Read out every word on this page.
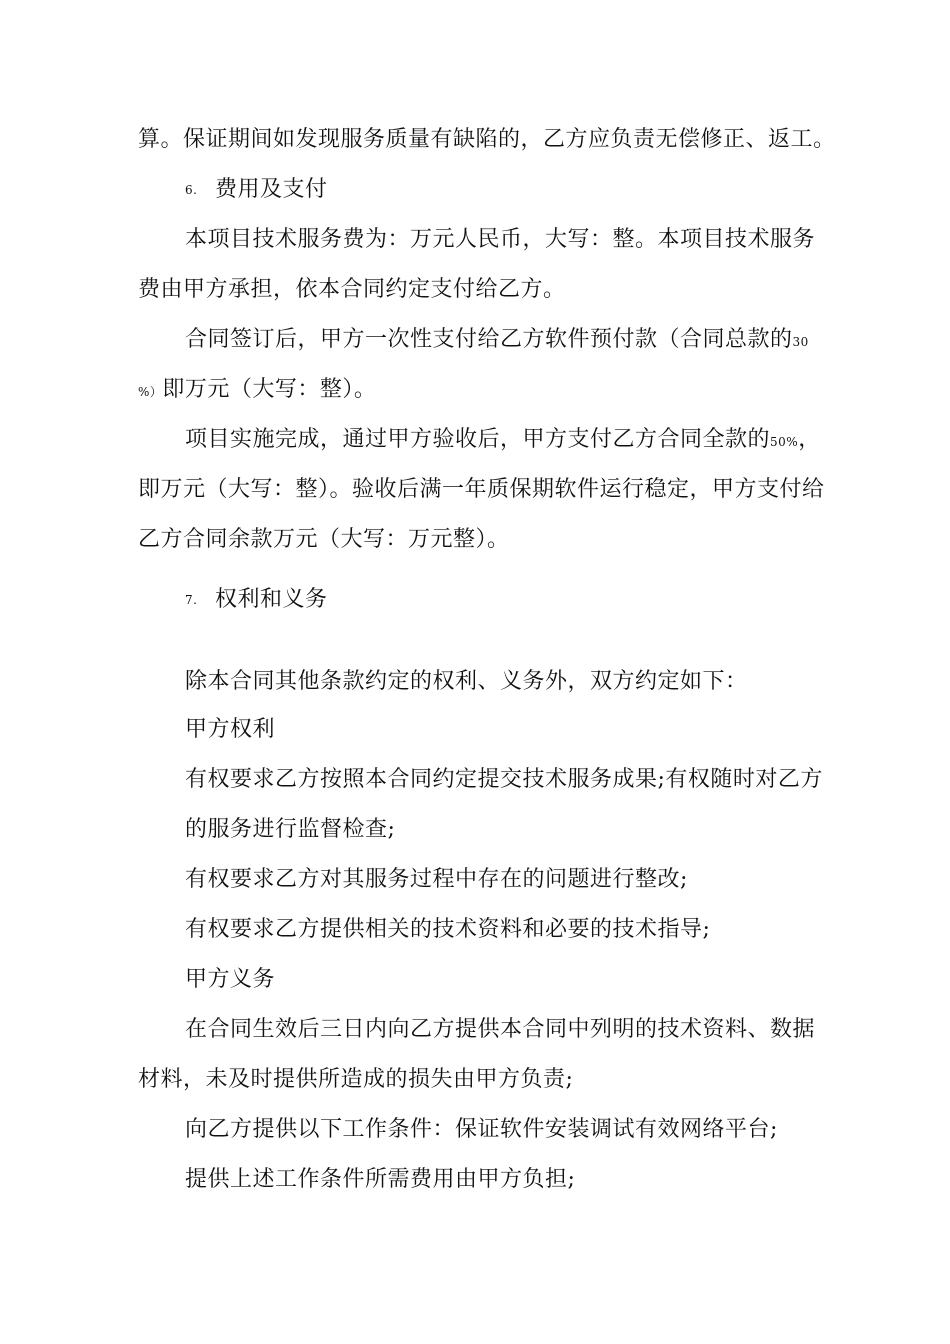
算。保证期间如发现服务质量有缺陷的，乙方应负责无偿修正、返工。
6. 费用及支付
本项目技术服务费为：万元人民币，大写：整。本项目技术服务
费由甲方承担，依本合同约定支付给乙方。
合同签订后，甲方一次性支付给乙方软件预付款（合同总款的30
%）即万元（大写：整）。
项目实施完成，通过甲方验收后，甲方支付乙方合同全款的50%，
即万元（大写：整）。验收后满一年质保期软件运行稳定，甲方支付给
乙方合同余款万元（大写：万元整）。
7. 权利和义务
除本合同其他条款约定的权利、义务外，双方约定如下：
甲方权利
有权要求乙方按照本合同约定提交技术服务成果;有权随时对乙方
的服务进行监督检查;
有权要求乙方对其服务过程中存在的问题进行整改;
有权要求乙方提供相关的技术资料和必要的技术指导;
甲方义务
在合同生效后三日内向乙方提供本合同中列明的技术资料、数据
材料，未及时提供所造成的损失由甲方负责;
向乙方提供以下工作条件：保证软件安装调试有效网络平台;
提供上述工作条件所需费用由甲方负担;
